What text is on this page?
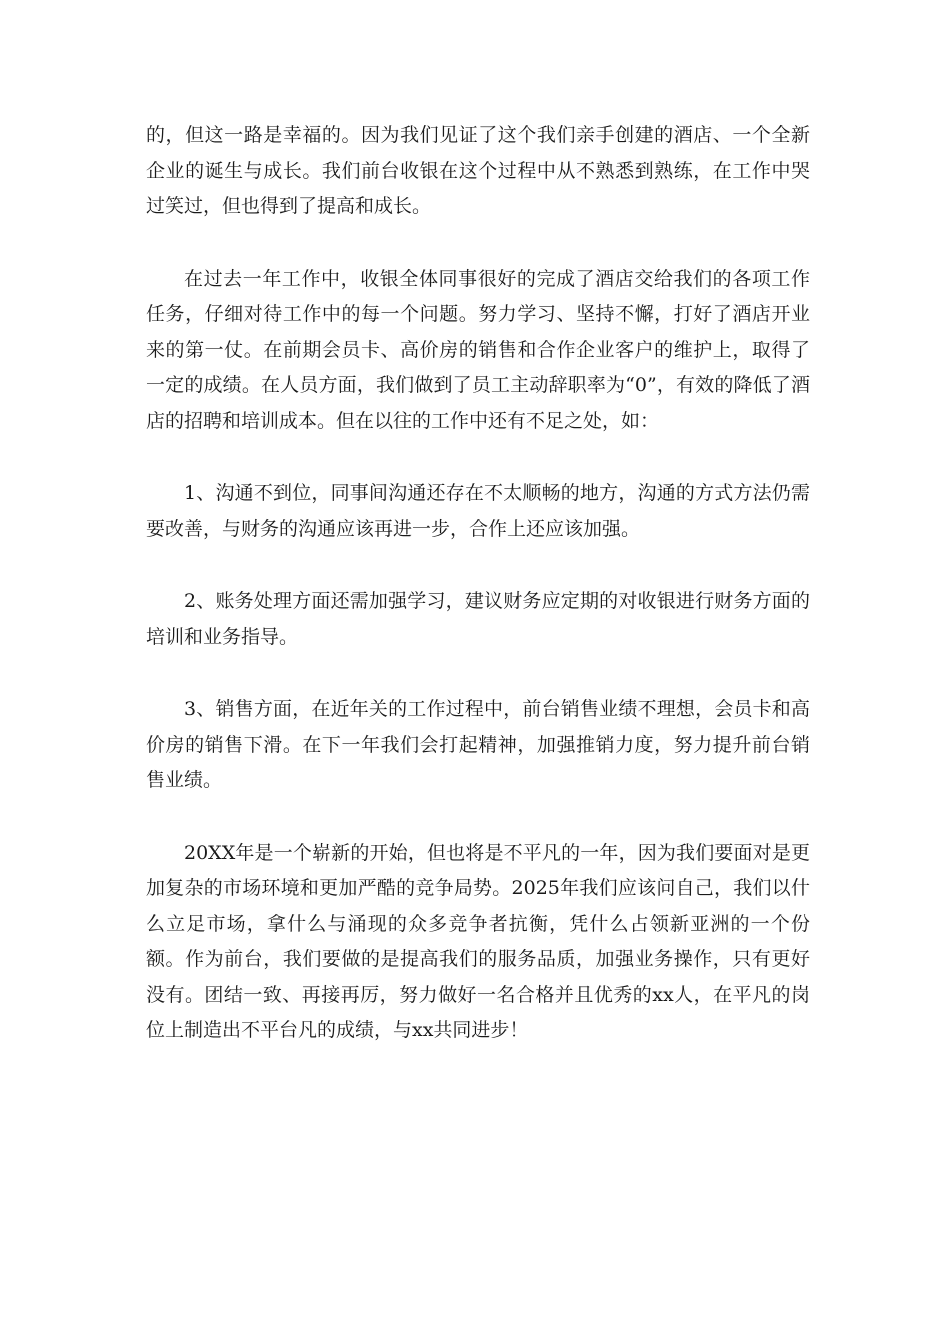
的，但这一路是幸福的。因为我们见证了这个我们亲手创建的酒店、一个全新企业的诞生与成长。我们前台收银在这个过程中从不熟悉到熟练，在工作中哭过笑过，但也得到了提高和成长。

在过去一年工作中，收银全体同事很好的完成了酒店交给我们的各项工作任务，仔细对待工作中的每一个问题。努力学习、坚持不懈，打好了酒店开业来的第一仗。在前期会员卡、高价房的销售和合作企业客户的维护上，取得了一定的成绩。在人员方面，我们做到了员工主动辞职率为“0”，有效的降低了酒店的招聘和培训成本。但在以往的工作中还有不足之处，如：

1、沟通不到位，同事间沟通还存在不太顺畅的地方，沟通的方式方法仍需要改善，与财务的沟通应该再进一步，合作上还应该加强。

2、账务处理方面还需加强学习，建议财务应定期的对收银进行财务方面的培训和业务指导。

3、销售方面，在近年关的工作过程中，前台销售业绩不理想，会员卡和高价房的销售下滑。在下一年我们会打起精神，加强推销力度，努力提升前台销售业绩。

20XX年是一个崭新的开始，但也将是不平凡的一年，因为我们要面对是更加复杂的市场环境和更加严酷的竞争局势。2025年我们应该问自己，我们以什么立足市场，拿什么与涌现的众多竞争者抗衡，凭什么占领新亚洲的一个份额。作为前台，我们要做的是提高我们的服务品质，加强业务操作，只有更好没有。团结一致、再接再厉，努力做好一名合格并且优秀的xx人，在平凡的岗位上制造出不平台凡的成绩，与xx共同进步！
